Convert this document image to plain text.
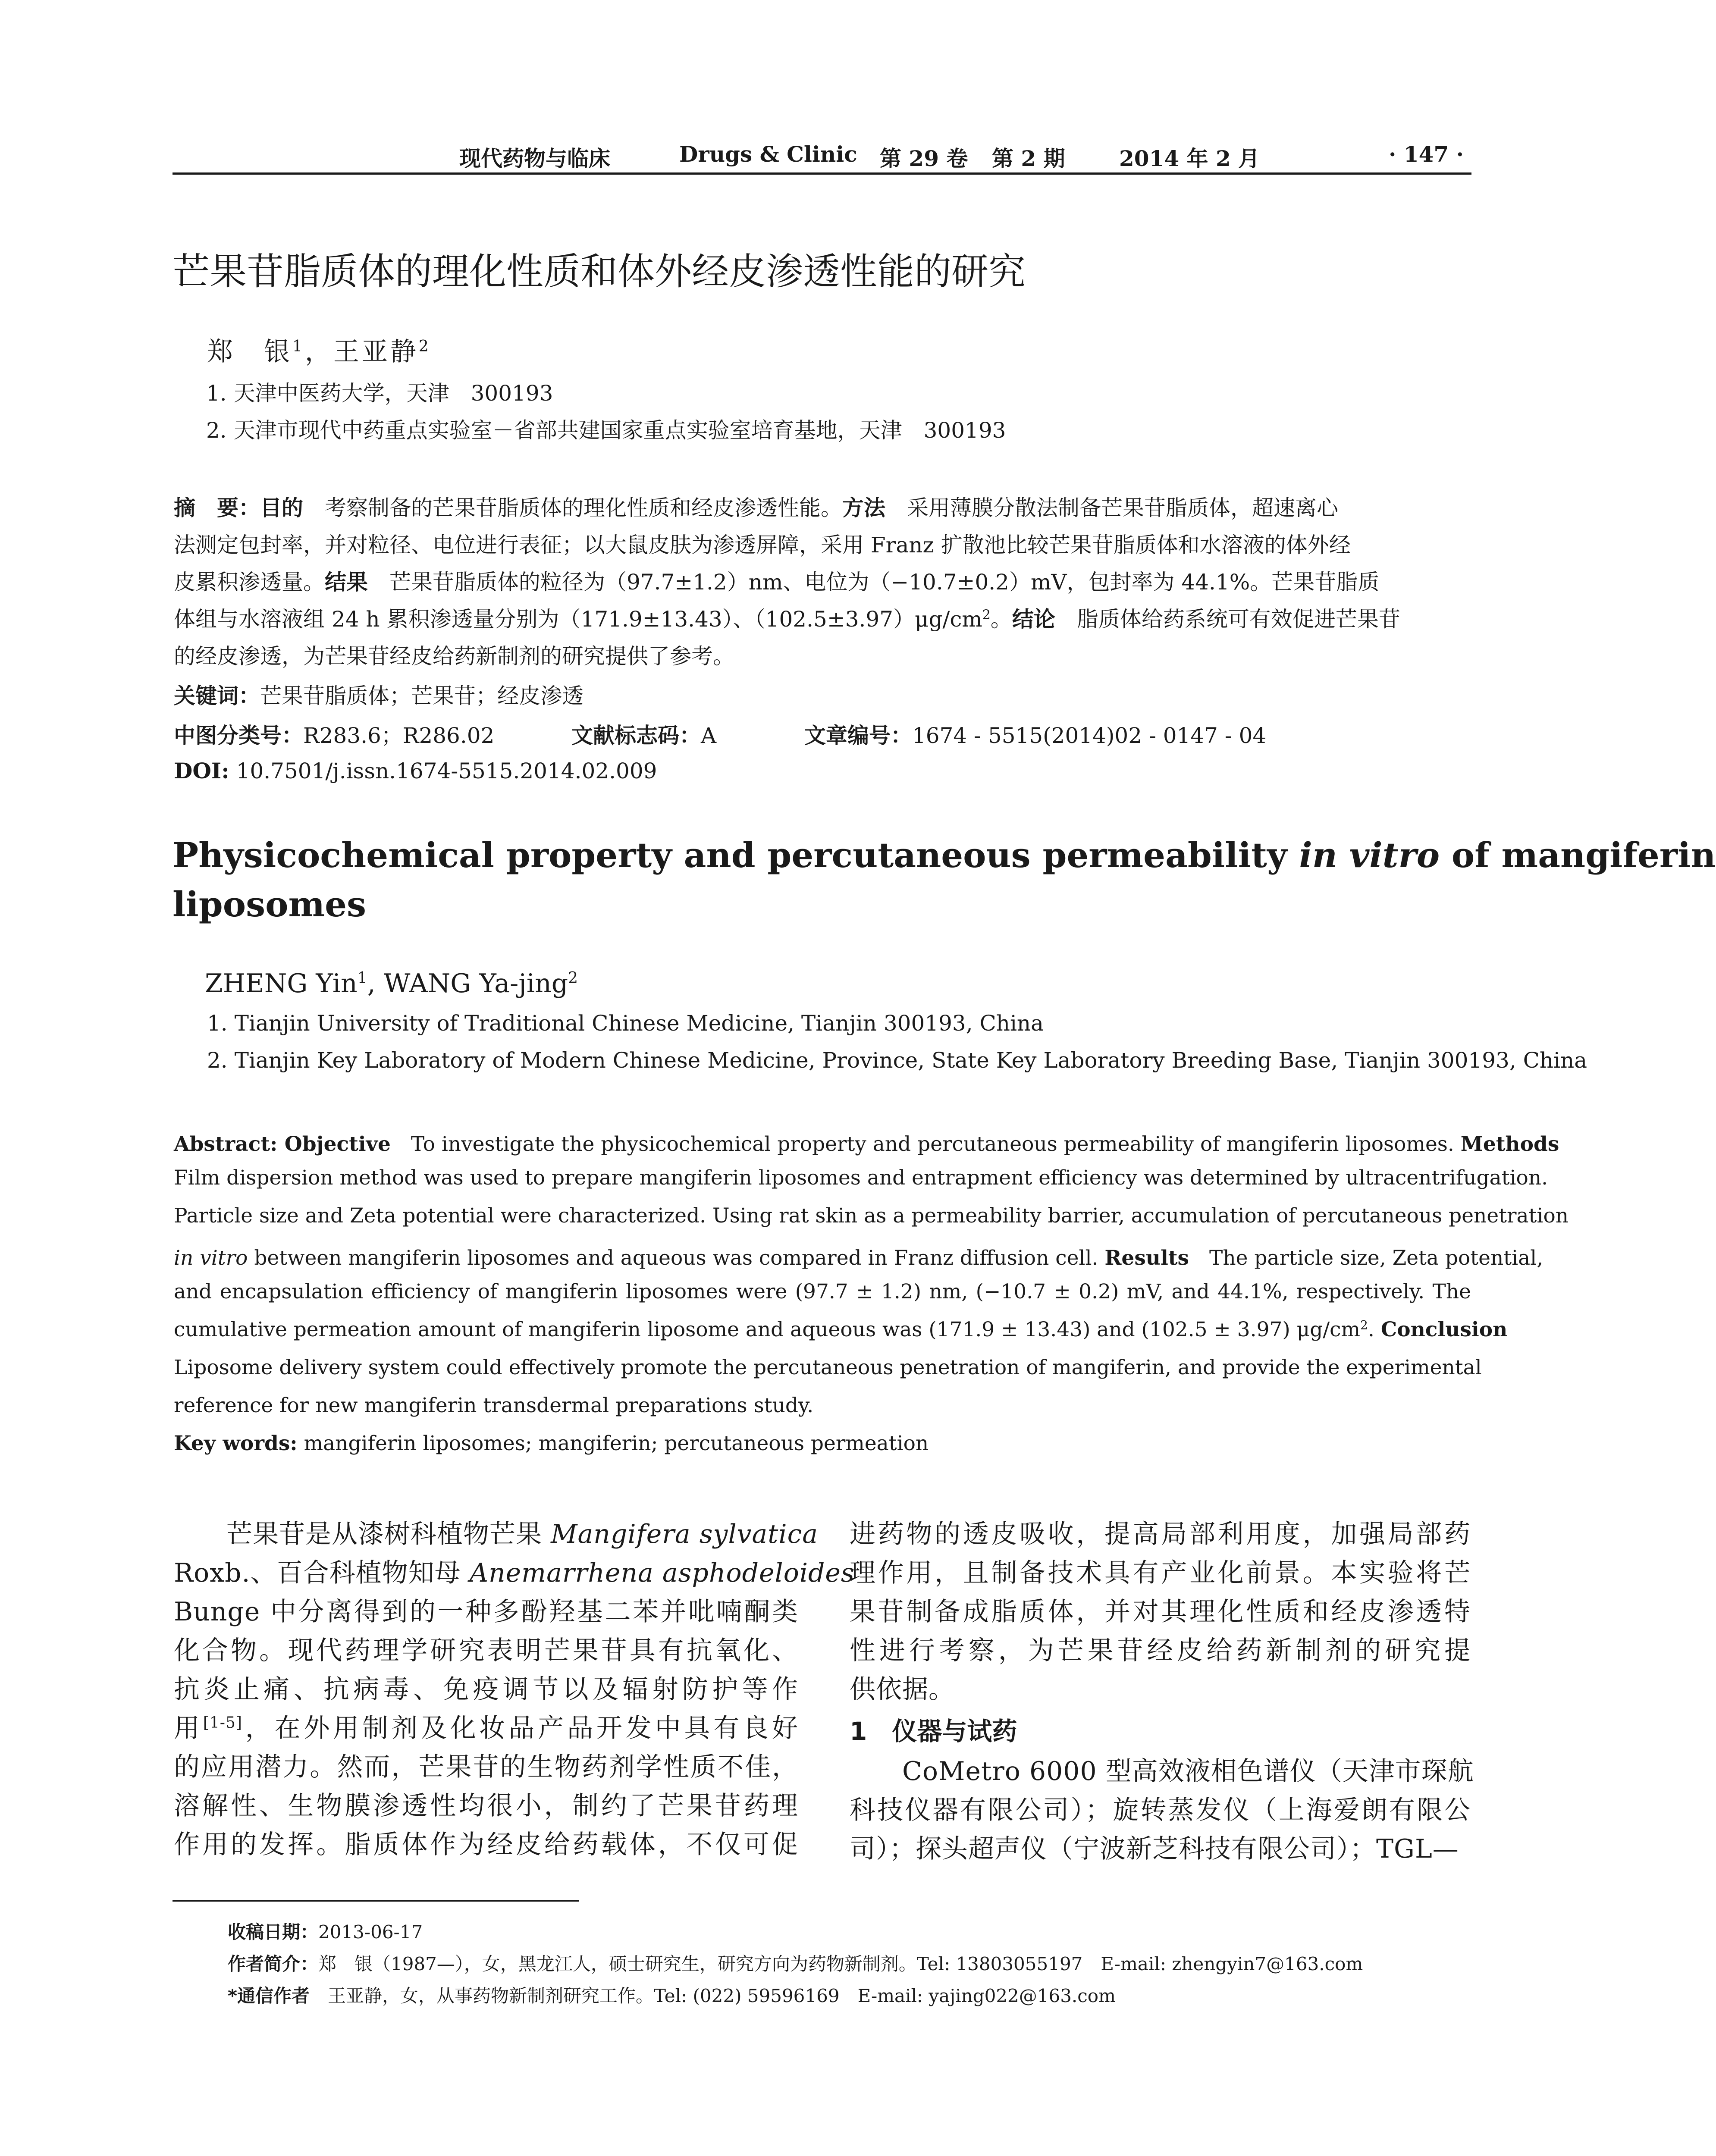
现代药物与临床	Drugs & Clinic 第 29 卷 第 2 期	2014 年 2 月	· 147 ·
芒果苷脂质体的理化性质和体外经皮渗透性能的研究
郑　银$^1$，王亚静$^2$
1. 天津中医药大学，天津　300193
2. 天津市现代中药重点实验室－省部共建国家重点实验室培育基地，天津　300193
摘　要：目的　考察制备的芒果苷脂质体的理化性质和经皮渗透性能。方法　采用薄膜分散法制备芒果苷脂质体，超速离心
法测定包封率，并对粒径、电位进行表征；以大鼠皮肤为渗透屏障，采用 Franz 扩散池比较芒果苷脂质体和水溶液的体外经
皮累积渗透量。结果　芒果苷脂质体的粒径为（97.7±1.2）nm、电位为（−10.7±0.2）mV，包封率为 44.1%。芒果苷脂质
体组与水溶液组 24 h 累积渗透量分别为（171.9±13.43）、$(102.5\pm 3.97)\mu g/cm^2$。结论　脂质体给药系统可有效促进芒果苷
的经皮渗透，为芒果苷经皮给药新制剂的研究提供了参考。
关键词：芒果苷脂质体；芒果苷；经皮渗透
中图分类号：R283.6；R286.02	文献标志码：A	文章编号：1674 - 5515(2014)02 - 0147 - 04
DOI: 10.7501/j.issn.1674-5515.2014.02.009
Physicochemical property and percutaneous permeability in vitro of mangiferin
liposomes
ZHENG Yin$^1$, WANG Ya-jing$^2$
1. Tianjin University of Traditional Chinese Medicine, Tianjin 300193, China
2. Tianjin Key Laboratory of Modern Chinese Medicine, Province, State Key Laboratory Breeding Base, Tianjin 300193, China
Abstract: Objective　To investigate the physicochemical property and percutaneous permeability of mangiferin liposomes. Methods
Film dispersion method was used to prepare mangiferin liposomes and entrapment efficiency was determined by ultracentrifugation.
Particle size and Zeta potential were characterized. Using rat skin as a permeability barrier, accumulation of percutaneous penetration
in vitro between mangiferin liposomes and aqueous was compared in Franz diffusion cell. Results　The particle size, Zeta potential,
and encapsulation efficiency of mangiferin liposomes were (97.7 ± 1.2) nm, (−10.7 ± 0.2) mV, and 44.1%, respectively. The
cumulative permeation amount of mangiferin liposome and aqueous was (171.9 ± 13.43) and (102.5 ± 3.97) $\mu g/cm^2$. Conclusion
Liposome delivery system could effectively promote the percutaneous penetration of mangiferin, and provide the experimental
reference for new mangiferin transdermal preparations study.
Key words: mangiferin liposomes; mangiferin; percutaneous permeation
　　芒果苷是从漆树科植物芒果 Mangifera sylvatica
Roxb.、百合科植物知母 Anemarrhena asphodeloides
Bunge 中分离得到的一种多酚羟基二苯并吡喃酮类
化合物。现代药理学研究表明芒果苷具有抗氧化、
抗炎止痛、抗病毒、免疫调节以及辐射防护等作
用[1-5]，在外用制剂及化妆品产品开发中具有良好
的应用潜力。然而，芒果苷的生物药剂学性质不佳，
溶解性、生物膜渗透性均很小，制约了芒果苷药理
作用的发挥。脂质体作为经皮给药载体，不仅可促
进药物的透皮吸收，提高局部利用度，加强局部药
理作用，且制备技术具有产业化前景。本实验将芒
果苷制备成脂质体，并对其理化性质和经皮渗透特
性进行考察，为芒果苷经皮给药新制剂的研究提
供依据。
1　 仪器与试药
　　CoMetro 6000 型高效液相色谱仪（天津市琛航
科技仪器有限公司）；旋转蒸发仪（上海爱朗有限公
司）；探头超声仪（宁波新芝科技有限公司）；TGL—
收稿日期：2013-06-17
作者简介：郑　银（1987—），女，黑龙江人，硕士研究生，研究方向为药物新制剂。Tel: 13803055197　E-mail: zhengyin7@163.com
*通信作者　王亚静，女，从事药物新制剂研究工作。Tel: (022) 59596169　E-mail: yajing022@163.com
